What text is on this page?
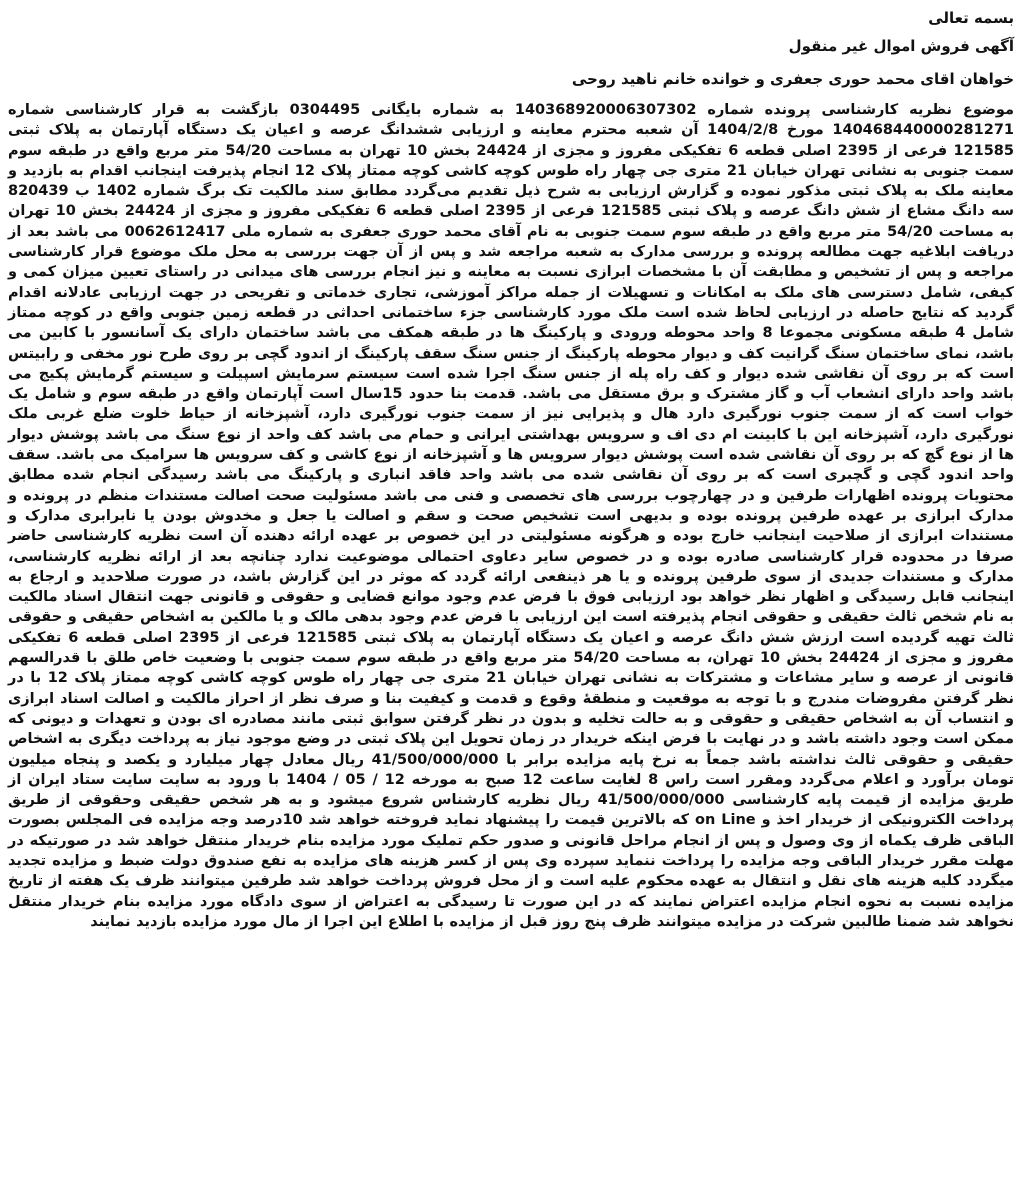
بسمه تعالی
آگهی فروش اموال غیر منقول
خواهان اقای محمد حوری جعفری و خوانده خانم ناهید روحی

موضوع نظریه کارشناسی پرونده شماره 140368920006307302 به شماره بایگانی 0304495 بازگشت به قرار کارشناسی شماره 140468440000281271 مورخ 1404/2/8 آن شعبه محترم معاینه و ارزیابی ششدانگ عرصه و اعیان یک دستگاه آپارتمان به پلاک ثبتی 121585 فرعی از 2395 اصلی قطعه 6 تفکیکی مفروز و مجزی از 24424 بخش 10 تهران به مساحت 54/20 متر مربع واقع در طبقه سوم سمت جنوبی به نشانی تهران خیابان 21 متری جی چهار راه طوس کوچه کاشی کوچه ممتاز پلاک 12 انجام پذیرفت اینجانب اقدام به بازدید و معاینه ملک به پلاک ثبتی مذکور نموده و گزارش ارزیابی به شرح ذیل تقدیم می‌گردد مطابق سند مالکیت تک برگ شماره 1402 ب 820439 سه دانگ مشاع از شش دانگ عرصه و پلاک ثبتی 121585 فرعی از 2395 اصلی قطعه 6 تفکیکی مفروز و مجزی از 24424 بخش 10 تهران به مساحت 54/20 متر مربع واقع در طبقه سوم سمت جنوبی به نام آقای محمد حوری جعفری به شماره ملی 0062612417 می باشد بعد از دریافت ابلاغیه جهت مطالعه پرونده و بررسی مدارک به شعبه مراجعه شد و پس از آن جهت بررسی به محل ملک موضوع قرار کارشناسی مراجعه و پس از تشخیص و مطابقت آن با مشخصات ابرازی نسبت به معاینه و نیز انجام بررسی های میدانی در راستای تعیین میزان کمی و کیفی، شامل دسترسی های ملک به امکانات و تسهیلات از جمله مراکز آموزشی، تجاری خدماتی و تفریحی در جهت ارزیابی عادلانه اقدام گردید که نتایج حاصله در ارزیابی لحاظ شده است ملک مورد کارشناسی جزء ساختمانی احداثی در قطعه زمین جنوبی واقع در کوچه ممتاز شامل 4 طبقه مسکونی مجموعا 8 واحد محوطه ورودی و پارکینگ ها در طبقه همکف می باشد ساختمان دارای یک آسانسور با کابین می باشد، نمای ساختمان سنگ گرانیت کف و دیوار محوطه پارکینگ از جنس سنگ سقف پارکینگ از اندود گچی بر روی طرح نور مخفی و رابیتس است که بر روی آن نقاشی شده دیوار و کف راه پله از جنس سنگ اجرا شده است سیستم سرمایش اسپیلت و سیستم گرمایش پکیج می باشد واحد دارای انشعاب آب و گاز مشترک و برق مستقل می باشد. قدمت بنا حدود 15سال است آپارتمان واقع در طبقه سوم و شامل یک خواب است که از سمت جنوب نورگیری دارد هال و پذیرایی نیز از سمت جنوب نورگیری دارد، آشپزخانه از حیاط خلوت ضلع غربی ملک نورگیری دارد، آشپزخانه این با کابینت ام دی اف و سرویس بهداشتی ایرانی و حمام می باشد کف واحد از نوع سنگ می باشد پوشش دیوار ها از نوع گچ که بر روی آن نقاشی شده است پوشش دیوار سرویس ها و آشپزخانه از نوع کاشی و کف سرویس ها سرامیک می باشد. سقف واحد اندود گچی و گچبری است که بر روی آن نقاشی شده می باشد واحد فاقد انباری و پارکینگ می باشد رسیدگی انجام شده مطابق محتویات پرونده اظهارات طرفین و در چهارچوب بررسی های تخصصی و فنی می باشد مسئولیت صحت اصالت مستندات منظم در پرونده و مدارک ابرازی بر عهده طرفین پرونده بوده و بدیهی است تشخیص صحت و سقم و اصالت یا جعل و مخدوش بودن یا نابرابری مدارک و مستندات ابرازی از صلاحیت اینجانب خارج بوده و هرگونه مسئولیتی در این خصوص بر عهده ارائه دهنده آن است نظریه کارشناسی حاضر صرفا در محدوده قرار کارشناسی صادره بوده و در خصوص سایر دعاوی احتمالی موضوعیت ندارد چنانچه بعد از ارائه نظریه کارشناسی، مدارک و مستندات جدیدی از سوی طرفین پرونده و یا هر ذینفعی ارائه گردد که موثر در این گزارش باشد، در صورت صلاحدید و ارجاع به اینجانب قابل رسیدگی و اظهار نظر خواهد بود ارزیابی فوق با فرض عدم وجود موانع قضایی و حقوقی و قانونی جهت انتقال اسناد مالکیت به نام شخص ثالث حقیقی و حقوقی انجام پذیرفته است این ارزیابی با فرض عدم وجود بدهی مالک و یا مالکین به اشخاص حقیقی و حقوقی ثالث تهیه گردیده است ارزش شش دانگ عرصه و اعیان یک دستگاه آپارتمان به پلاک ثبتی 121585 فرعی از 2395 اصلی قطعه 6 تفکیکی مفروز و مجزی از 24424 بخش 10 تهران، به مساحت 54/20 متر مربع واقع در طبقه سوم سمت جنوبی با وضعیت خاص طلق با قدرالسهم قانونی از عرصه و سایر مشاعات و مشترکات به نشانی تهران خیابان 21 متری جی چهار راه طوس کوچه کاشی کوچه ممتاز پلاک 12 با در نظر گرفتن مفروضات مندرج و با توجه به موقعیت و منطقهٔ وقوع و قدمت و کیفیت بنا و صرف نظر از احراز مالکیت و اصالت اسناد ابرازی و انتساب آن به اشخاص حقیقی و حقوقی و به حالت تخلیه و بدون در نظر گرفتن سوابق ثبتی مانند مصادره ای بودن و تعهدات و دیونی که ممکن است وجود داشته باشد و در نهایت با فرض اینکه خریدار در زمان تحویل این پلاک ثبتی در وضع موجود نیاز به پرداخت دیگری به اشخاص حقیقی و حقوقی ثالث نداشته باشد جمعاً به نرخ پایه مزایده برابر با 41/500/000/000 ریال معادل چهار میلیارد و یکصد و پنجاه میلیون تومان برآورد و اعلام می‌گردد ومقرر است راس 8 لغایت ساعت 12 صبح به مورخه 12 / 05 / 1404 با ورود به سایت سایت ستاد ایران از طریق مزایده از قیمت پایه کارشناسی 41/500/000/000 ریال نظریه کارشناس شروع میشود و به هر شخص حقیقی وحقوقی از طریق پرداخت الکترونیکی از خریدار اخذ و on Line که بالاترین قیمت را پیشنهاد نماید فروخته خواهد شد 10درصد وجه مزایده فی المجلس بصورت الباقی ظرف یکماه از وی وصول و پس از انجام مراحل قانونی و صدور حکم تملیک مورد مزایده بنام خریدار منتقل خواهد شد در صورتیکه در مهلت مقرر خریدار الباقی وجه مزایده را پرداخت ننماید سپرده وی پس از کسر هزینه های مزایده به نفع صندوق دولت ضبط و مزایده تجدید میگردد کلیه هزینه های نقل و انتقال به عهده محکوم علیه است و از محل فروش پرداخت خواهد شد طرفین میتوانند ظرف یک هفته از تاریخ مزایده نسبت به نحوه انجام مزایده اعتراض نمایند که در این صورت تا رسیدگی به اعتراض از سوی دادگاه مورد مزایده بنام خریدار منتقل نخواهد شد ضمنا طالبین شرکت در مزایده میتوانند ظرف پنج روز قبل از مزایده با اطلاع این اجرا از مال مورد مزایده بازدید نمایند
